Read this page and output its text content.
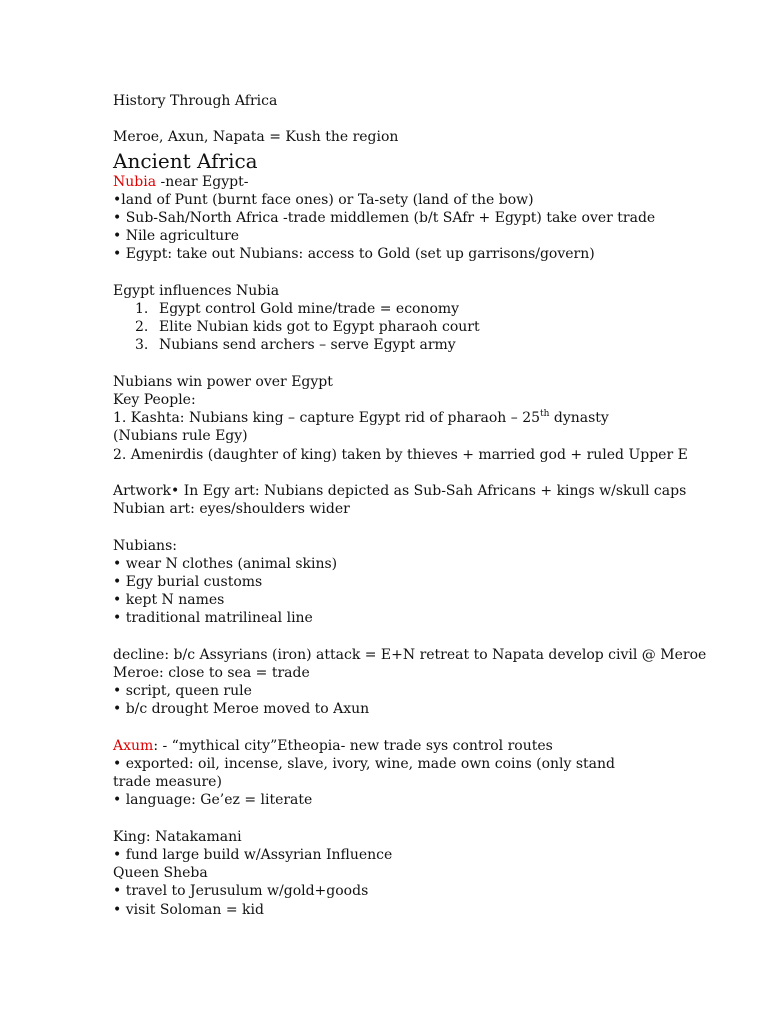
History Through Africa
Meroe, Axun, Napata = Kush the region
Ancient Africa
Nubia -near Egypt-
•land of Punt (burnt face ones) or Ta-sety (land of the bow)
• Sub-Sah/North Africa -trade middlemen (b/t SAfr + Egypt) take over trade
• Nile agriculture
• Egypt: take out Nubians: access to Gold (set up garrisons/govern)
Egypt influences Nubia
1. Egypt control Gold mine/trade = economy
2. Elite Nubian kids got to Egypt pharaoh court
3. Nubians send archers – serve Egypt army
Nubians win power over Egypt
Key People:
1. Kashta: Nubians king – capture Egypt rid of pharaoh – 25th dynasty (Nubians rule Egy)
2. Amenirdis (daughter of king) taken by thieves + married god + ruled Upper E
Artwork• In Egy art: Nubians depicted as Sub-Sah Africans + kings w/skull caps
Nubian art: eyes/shoulders wider
Nubians:
• wear N clothes (animal skins)
• Egy burial customs
• kept N names
• traditional matrilineal line
decline: b/c Assyrians (iron) attack = E+N retreat to Napata develop civil @ Meroe
Meroe: close to sea = trade
• script, queen rule
• b/c drought Meroe moved to Axun
Axum: - “mythical city”Etheopia- new trade sys control routes
• exported: oil, incense, slave, ivory, wine, made own coins (only stand trade measure)
• language: Ge’ez = literate
King: Natakamani
• fund large build w/Assyrian Influence
Queen Sheba
• travel to Jerusulum w/gold+goods
• visit Soloman = kid
